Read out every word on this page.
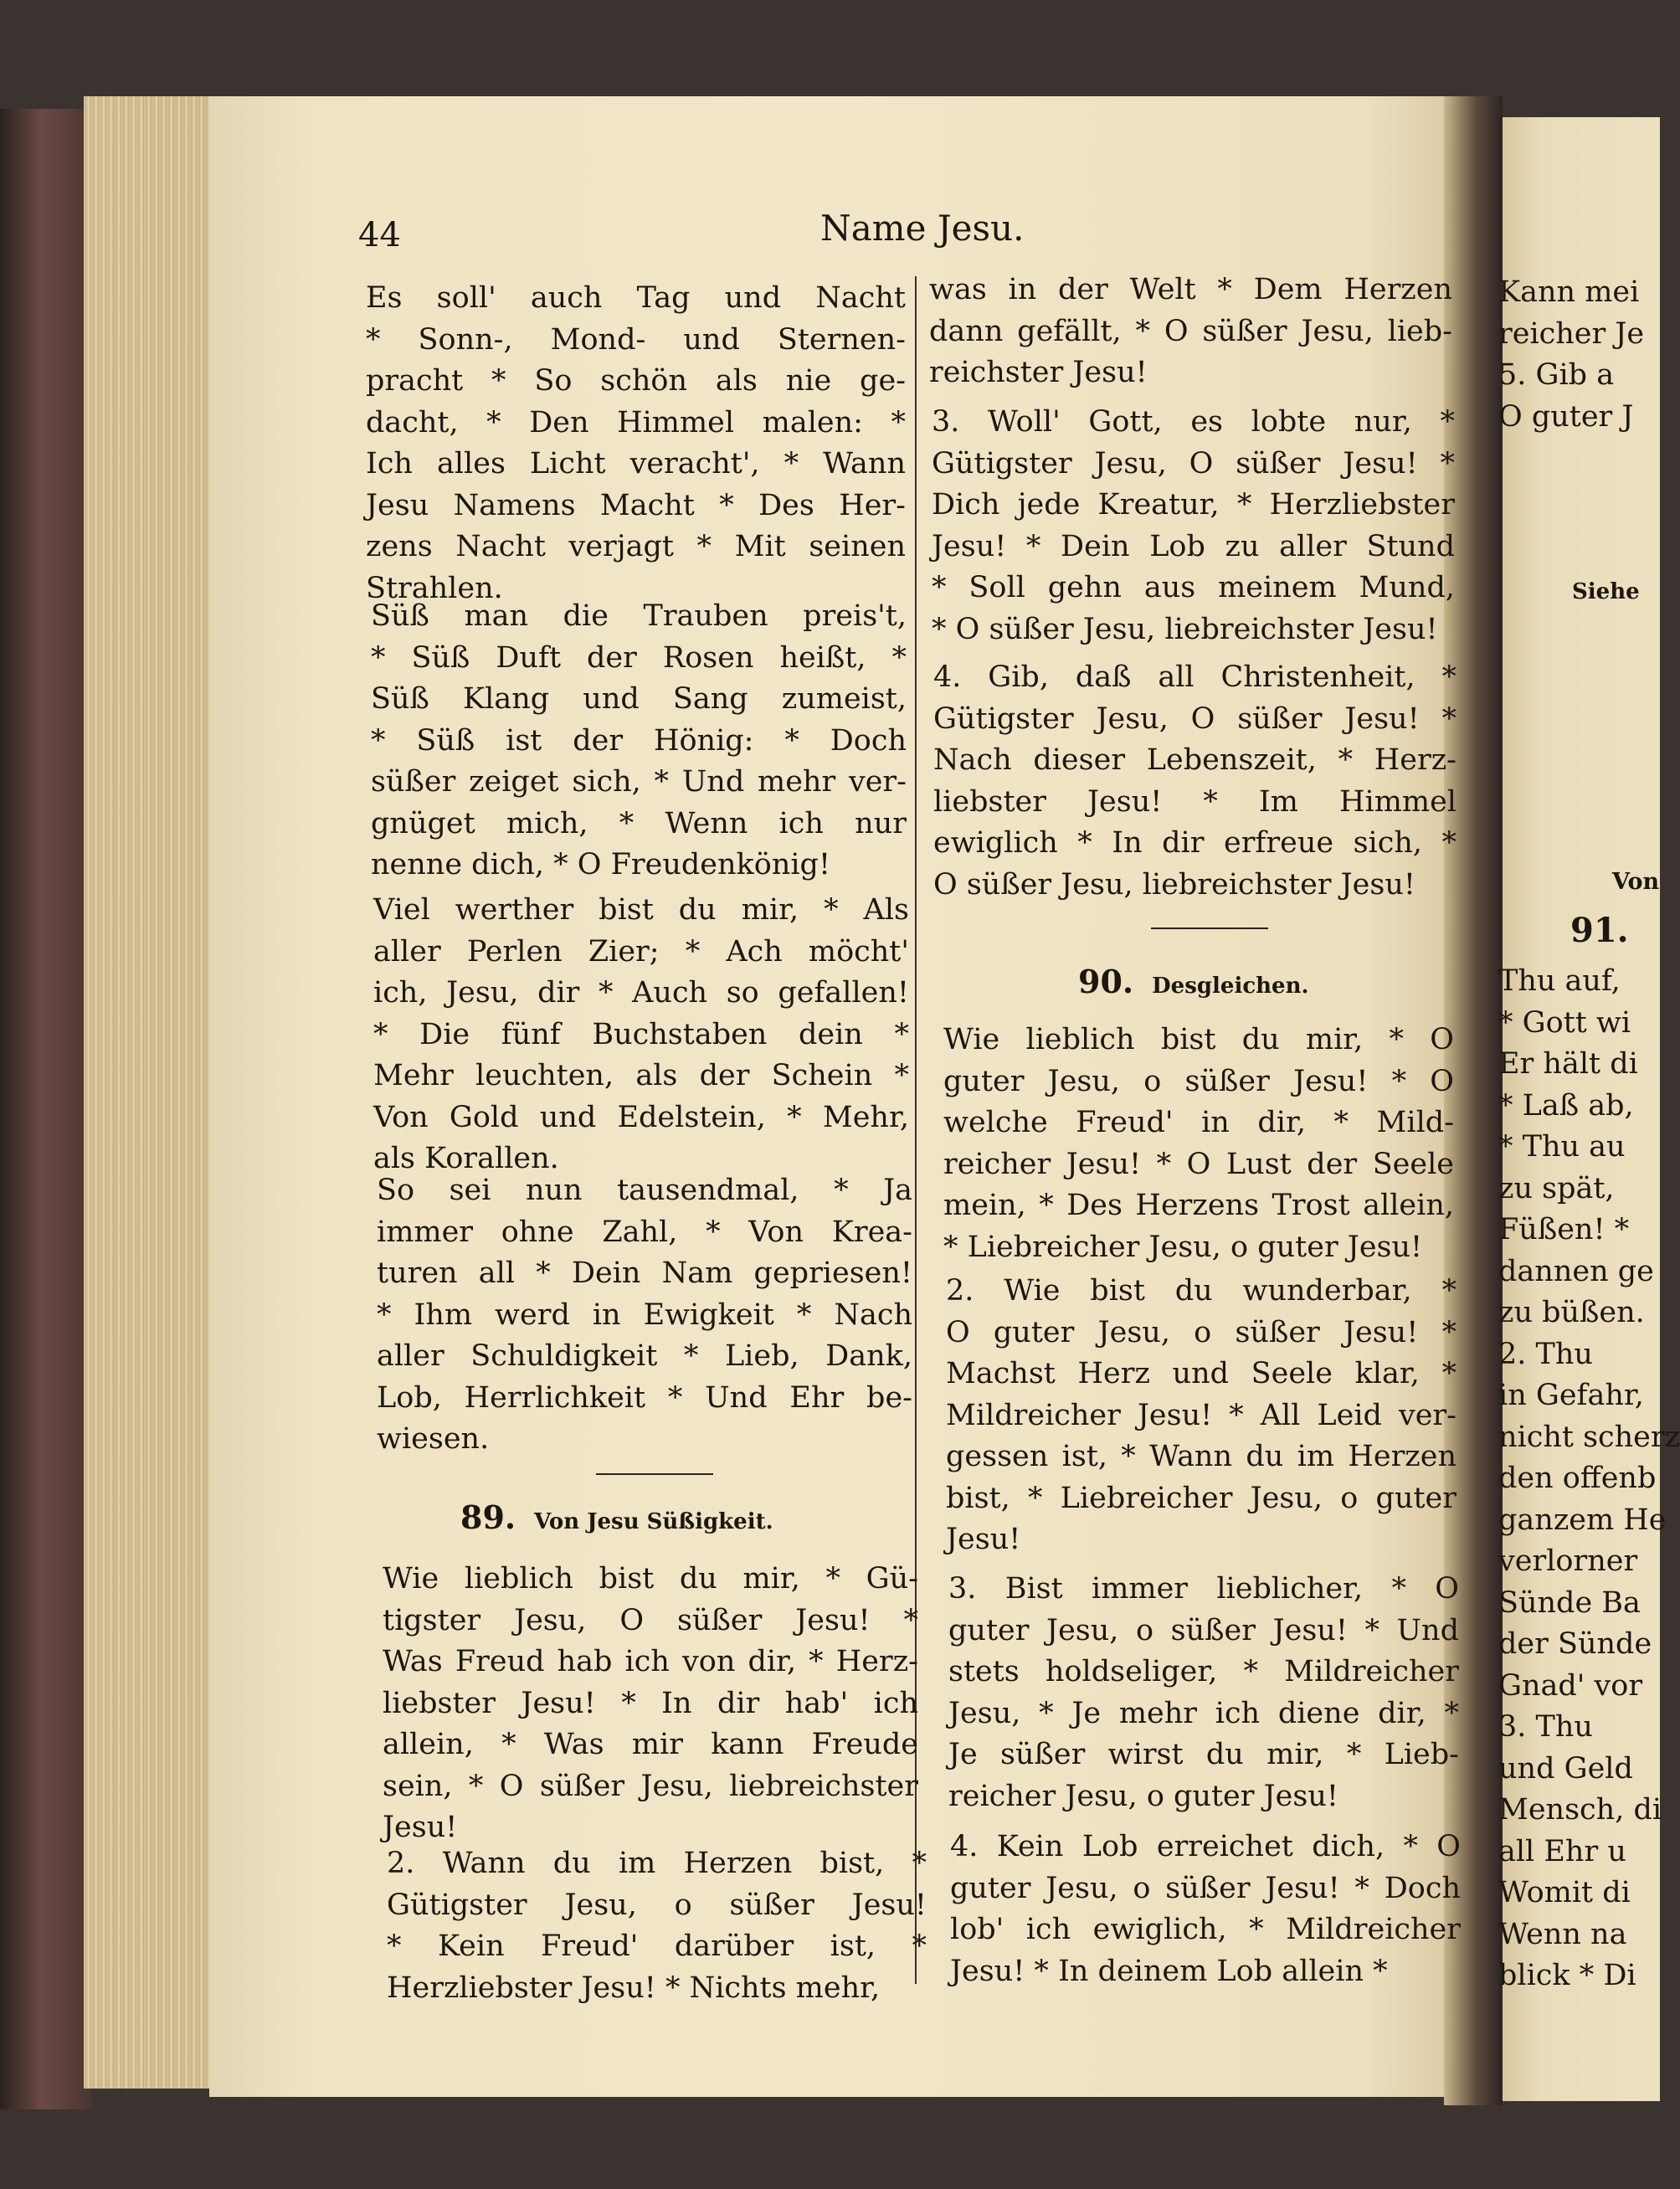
44	Name Jesu.
Es soll' auch Tag und Nacht
* Sonn-, Mond- und Sternen-
pracht * So schön als nie ge-
dacht, * Den Himmel malen: *
Ich alles Licht veracht', * Wann
Jesu Namens Macht * Des Her-
zens Nacht verjagt * Mit seinen
Strahlen.
Süß man die Trauben preis't,
* Süß Duft der Rosen heißt, *
Süß Klang und Sang zumeist,
* Süß ist der Hönig: * Doch
süßer zeiget sich, * Und mehr ver-
gnüget mich, * Wenn ich nur
nenne dich, * O Freudenkönig!
Viel werther bist du mir, * Als
aller Perlen Zier; * Ach möcht'
ich, Jesu, dir * Auch so gefallen!
* Die fünf Buchstaben dein *
Mehr leuchten, als der Schein *
Von Gold und Edelstein, * Mehr,
als Korallen.
So sei nun tausendmal, * Ja
immer ohne Zahl, * Von Krea-
turen all * Dein Nam gepriesen!
* Ihm werd in Ewigkeit * Nach
aller Schuldigkeit * Lieb, Dank,
Lob, Herrlichkeit * Und Ehr be-
wiesen.
89. Von Jesu Süßigkeit.
Wie lieblich bist du mir, * Gü-
tigster Jesu, O süßer Jesu! *
Was Freud hab ich von dir, * Herz-
liebster Jesu! * In dir hab' ich
allein, * Was mir kann Freude
sein, * O süßer Jesu, liebreichster
Jesu!
2. Wann du im Herzen bist, *
Gütigster Jesu, o süßer Jesu!
* Kein Freud' darüber ist, *
Herzliebster Jesu! * Nichts mehr,
was in der Welt * Dem Herzen
dann gefällt, * O süßer Jesu, lieb-
reichster Jesu!
3. Woll' Gott, es lobte nur, *
Gütigster Jesu, O süßer Jesu! *
Dich jede Kreatur, * Herzliebster
Jesu! * Dein Lob zu aller Stund
* Soll gehn aus meinem Mund,
* O süßer Jesu, liebreichster Jesu!
4. Gib, daß all Christenheit, *
Gütigster Jesu, O süßer Jesu! *
Nach dieser Lebenszeit, * Herz-
liebster Jesu! * Im Himmel
ewiglich * In dir erfreue sich, *
O süßer Jesu, liebreichster Jesu!
90. Desgleichen.
Wie lieblich bist du mir, * O
guter Jesu, o süßer Jesu! * O
welche Freud' in dir, * Mild-
reicher Jesu! * O Lust der Seele
mein, * Des Herzens Trost allein,
* Liebreicher Jesu, o guter Jesu!
2. Wie bist du wunderbar, *
O guter Jesu, o süßer Jesu! *
Machst Herz und Seele klar, *
Mildreicher Jesu! * All Leid ver-
gessen ist, * Wann du im Herzen
bist, * Liebreicher Jesu, o guter
Jesu!
3. Bist immer lieblicher, * O
guter Jesu, o süßer Jesu! * Und
stets holdseliger, * Mildreicher
Jesu, * Je mehr ich diene dir, *
Je süßer wirst du mir, * Lieb-
reicher Jesu, o guter Jesu!
4. Kein Lob erreichet dich, * O
guter Jesu, o süßer Jesu! * Doch
lob' ich ewiglich, * Mildreicher
Jesu! * In deinem Lob allein *
Kann mei
reicher Je
5. Gib a
O guter J
Siehe
Von
91.
Thu auf,
* Gott wi
Er hält di
* Laß ab,
* Thu au
zu spät,
Füßen! *
dannen ge
zu büßen.
2. Thu
in Gefahr,
nicht scherz
den offenb
ganzem He
verlorner
Sünde Ba
der Sünde
Gnad' vor
3. Thu
und Geld
Mensch, di
all Ehr u
Womit di
Wenn na
blick * Di
